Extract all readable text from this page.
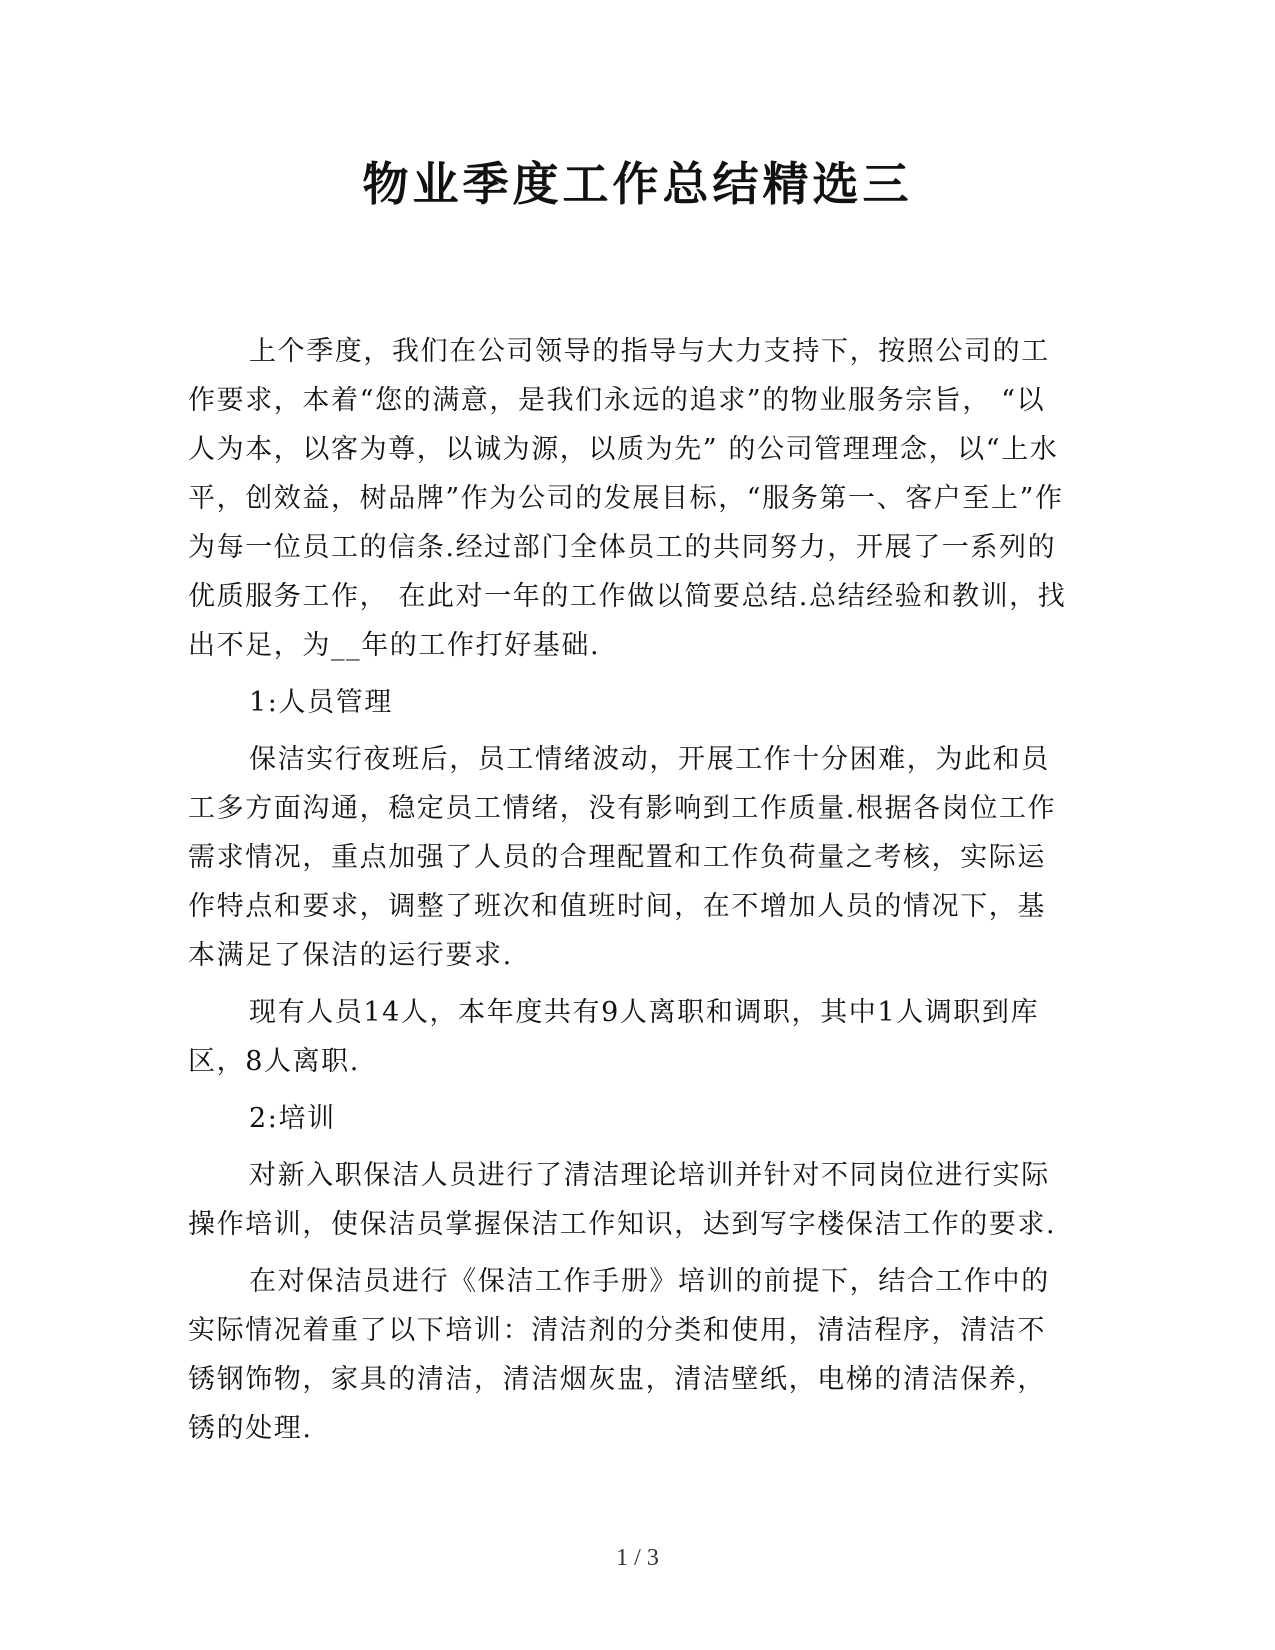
物业季度工作总结精选三

上个季度，我们在公司领导的指导与大力支持下，按照公司的工作要求，本着“您的满意，是我们永远的追求”的物业服务宗旨， “以人为本，以客为尊，以诚为源，以质为先” 的公司管理理念，以“上水平，创效益，树品牌”作为公司的发展目标，“服务第一、客户至上”作为每一位员工的信条.经过部门全体员工的共同努力，开展了一系列的优质服务工作， 在此对一年的工作做以简要总结.总结经验和教训，找出不足，为__年的工作打好基础.

1:人员管理

保洁实行夜班后，员工情绪波动，开展工作十分困难，为此和员工多方面沟通，稳定员工情绪，没有影响到工作质量.根据各岗位工作需求情况，重点加强了人员的合理配置和工作负荷量之考核，实际运作特点和要求，调整了班次和值班时间，在不增加人员的情况下，基本满足了保洁的运行要求.

现有人员14人，本年度共有9人离职和调职，其中1人调职到库区，8人离职.

2:培训

对新入职保洁人员进行了清洁理论培训并针对不同岗位进行实际操作培训，使保洁员掌握保洁工作知识，达到写字楼保洁工作的要求.

在对保洁员进行《保洁工作手册》培训的前提下，结合工作中的实际情况着重了以下培训：清洁剂的分类和使用，清洁程序，清洁不锈钢饰物，家具的清洁，清洁烟灰盅，清洁壁纸，电梯的清洁保养，锈的处理.

1 / 3
